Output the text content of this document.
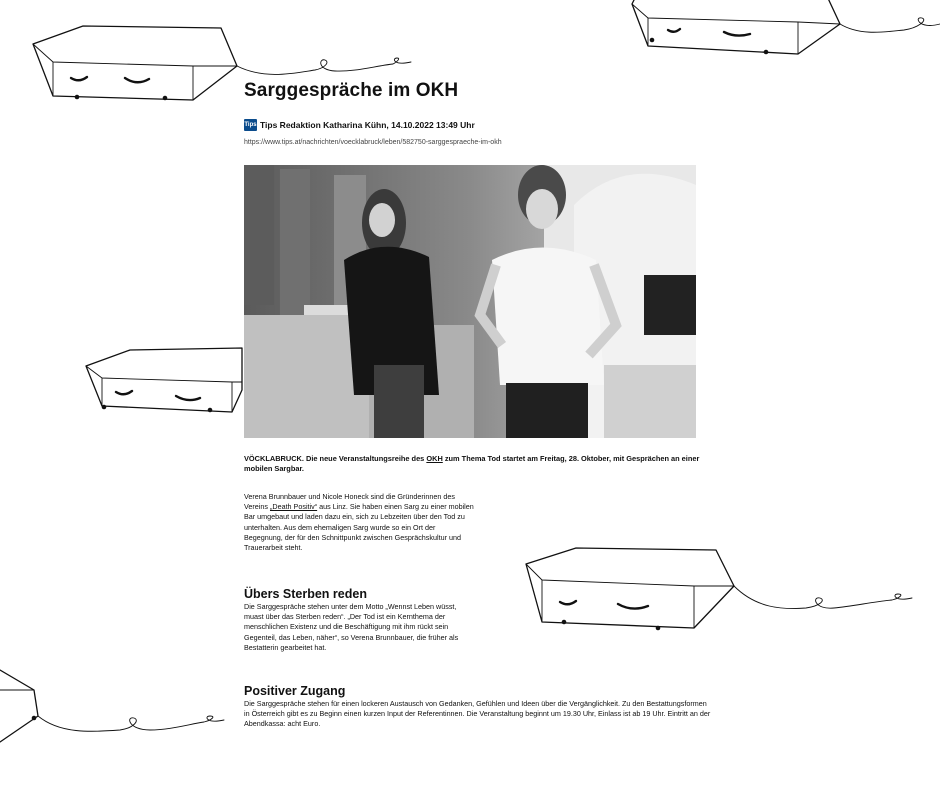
Sarggespräche im OKH
Tips Tips Redaktion Katharina Kühn, 14.10.2022 13:49 Uhr
https://www.tips.at/nachrichten/voecklabruck/leben/582750-sarggespraeche-im-okh
VÖCKLABRUCK. Die neue Veranstaltungsreihe des OKH zum Thema Tod startet am Freitag, 28. Oktober, mit Gesprächen an einer mobilen Sargbar.
Verena Brunnbauer und Nicole Honeck sind die Gründerinnen des Vereins „Death Positiv“ aus Linz. Sie haben einen Sarg zu einer mobilen Bar umgebaut und laden dazu ein, sich zu Lebzeiten über den Tod zu unterhalten. Aus dem ehemaligen Sarg wurde so ein Ort der Begegnung, der für den Schnittpunkt zwischen Gesprächskultur und Trauerarbeit steht.
Übers Sterben reden
Die Sarggespräche stehen unter dem Motto „Wennst Leben wüsst, muast über das Sterben reden“. „Der Tod ist ein Kernthema der menschlichen Existenz und die Beschäftigung mit ihm rückt sein Gegenteil, das Leben, näher“, so Verena Brunnbauer, die früher als Bestatterin gearbeitet hat.
Positiver Zugang
Die Sarggespräche stehen für einen lockeren Austausch von Gedanken, Gefühlen und Ideen über die Vergänglichkeit. Zu den Bestattungsformen in Österreich gibt es zu Beginn einen kurzen Input der Referentinnen. Die Veranstaltung beginnt um 19.30 Uhr, Einlass ist ab 19 Uhr. Eintritt an der Abendkassa: acht Euro.
